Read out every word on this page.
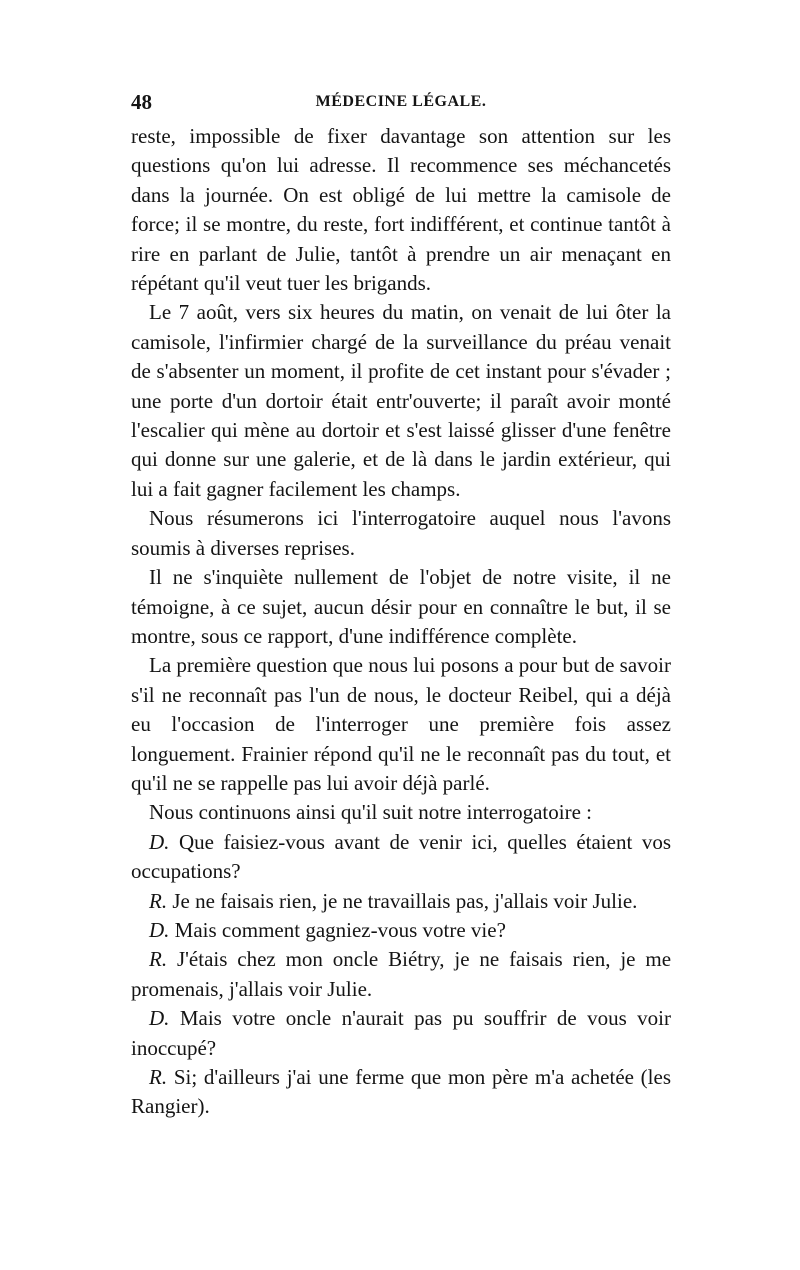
48	MÉDECINE LÉGALE.

reste, impossible de fixer davantage son attention sur les questions qu'on lui adresse. Il recommence ses méchancetés dans la journée. On est obligé de lui mettre la camisole de force; il se montre, du reste, fort indifférent, et continue tantôt à rire en parlant de Julie, tantôt à prendre un air menaçant en répétant qu'il veut tuer les brigands.

Le 7 août, vers six heures du matin, on venait de lui ôter la camisole, l'infirmier chargé de la surveillance du préau venait de s'absenter un moment, il profite de cet instant pour s'évader ; une porte d'un dortoir était entr'ouverte; il paraît avoir monté l'escalier qui mène au dortoir et s'est laissé glisser d'une fenêtre qui donne sur une galerie, et de là dans le jardin extérieur, qui lui a fait gagner facilement les champs.

Nous résumerons ici l'interrogatoire auquel nous l'avons soumis à diverses reprises.

Il ne s'inquiète nullement de l'objet de notre visite, il ne témoigne, à ce sujet, aucun désir pour en connaître le but, il se montre, sous ce rapport, d'une indifférence complète.

La première question que nous lui posons a pour but de savoir s'il ne reconnaît pas l'un de nous, le docteur Reibel, qui a déjà eu l'occasion de l'interroger une première fois assez longuement. Frainier répond qu'il ne le reconnaît pas du tout, et qu'il ne se rappelle pas lui avoir déjà parlé.

Nous continuons ainsi qu'il suit notre interrogatoire :

D. Que faisiez-vous avant de venir ici, quelles étaient vos occupations?

R. Je ne faisais rien, je ne travaillais pas, j'allais voir Julie.

D. Mais comment gagniez-vous votre vie?

R. J'étais chez mon oncle Biétry, je ne faisais rien, je me promenais, j'allais voir Julie.

D. Mais votre oncle n'aurait pas pu souffrir de vous voir inoccupé?

R. Si; d'ailleurs j'ai une ferme que mon père m'a achetée (les Rangier).
